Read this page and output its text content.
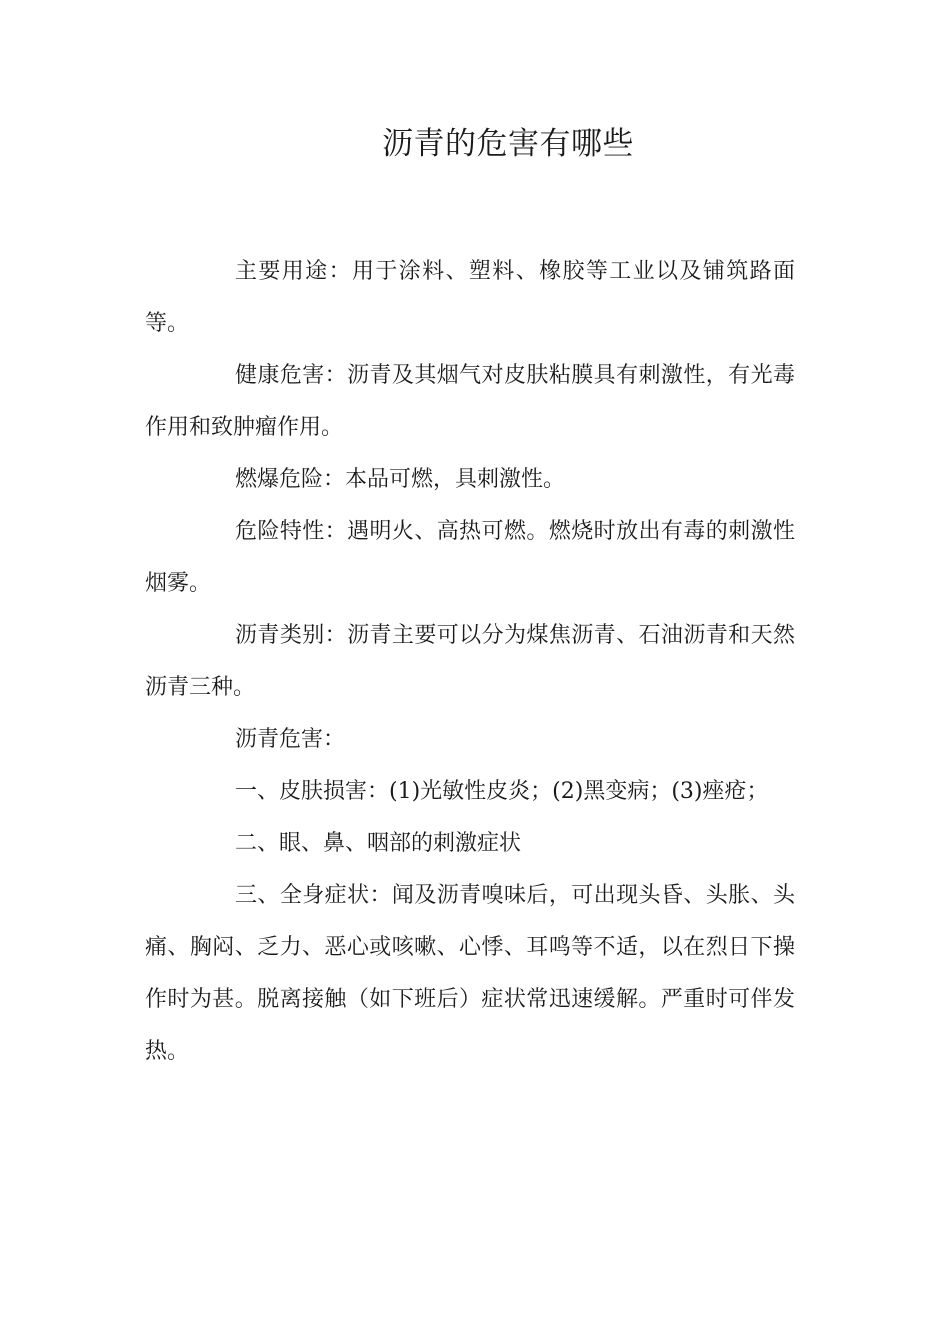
沥青的危害有哪些

主要用途：用于涂料、塑料、橡胶等工业以及铺筑路面等。

健康危害：沥青及其烟气对皮肤粘膜具有刺激性，有光毒作用和致肿瘤作用。

燃爆危险：本品可燃，具刺激性。

危险特性：遇明火、高热可燃。燃烧时放出有毒的刺激性烟雾。

沥青类别：沥青主要可以分为煤焦沥青、石油沥青和天然沥青三种。

沥青危害：

一、皮肤损害：(1)光敏性皮炎；(2)黑变病；(3)痤疮；

二、眼、鼻、咽部的刺激症状

三、全身症状：闻及沥青嗅味后，可出现头昏、头胀、头痛、胸闷、乏力、恶心或咳嗽、心悸、耳鸣等不适，以在烈日下操作时为甚。脱离接触（如下班后）症状常迅速缓解。严重时可伴发热。
